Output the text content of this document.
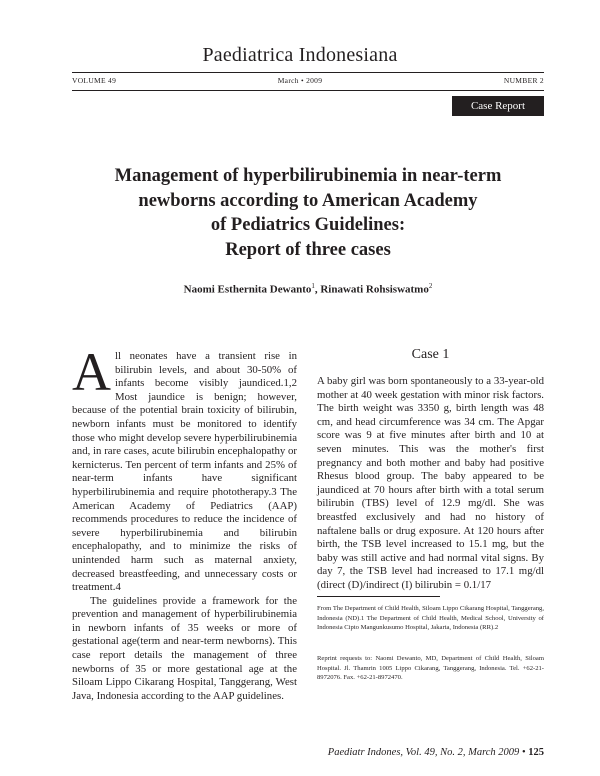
Paediatrica Indonesiana
VOLUME 49	March • 2009	NUMBER 2
Case Report
Management of hyperbilirubinemia in near-term
newborns according to American Academy
of Pediatrics Guidelines:
Report of three cases
Naomi Esthernita Dewanto$^1$, Rinawati Rohsiswatmo$^2$

All neonates have a transient rise in bilirubin levels, and about 30-50% of infants become visibly jaundiced.1,2 Most jaundice is benign; however, because of the potential brain toxicity of bilirubin, newborn infants must be monitored to identify those who might develop severe hyperbilirubinemia and, in rare cases, acute bilirubin encephalopathy or kernicterus. Ten percent of term infants and 25% of near-term infants have significant hyperbilirubinemia and require phototherapy.3 The American Academy of Pediatrics (AAP) recommends procedures to reduce the incidence of severe hyperbilirubinemia and bilirubin encephalopathy, and to minimize the risks of unintended harm such as maternal anxiety, decreased breastfeeding, and unnecessary costs or treatment.4

The guidelines provide a framework for the prevention and management of hyperbilirubinemia in newborn infants of 35 weeks or more of gestational age(term and near-term newborns). This case report details the management of three newborns of 35 or more gestational age at the Siloam Lippo Cikarang Hospital, Tanggerang, West Java, Indonesia according to the AAP guidelines.

Case 1

A baby girl was born spontaneously to a 33-year-old mother at 40 week gestation with minor risk factors. The birth weight was 3350 g, birth length was 48 cm, and head circumference was 34 cm. The Apgar score was 9 at five minutes after birth and 10 at seven minutes. This was the mother's first pregnancy and both mother and baby had positive Rhesus blood group. The baby appeared to be jaundiced at 70 hours after birth with a total serum bilirubin (TBS) level of 12.9 mg/dl. She was breastfed exclusively and had no history of naftalene balls or drug exposure. At 120 hours after birth, the TSB level increased to 15.1 mg, but the baby was still active and had normal vital signs. By day 7, the TSB level had increased to 17.1 mg/dl (direct (D)/indirect (I) bilirubin = 0.1/17

From The Department of Child Health, Siloam Lippo Cikarang Hospital, Tanggerang, Indonesia (ND).1 The Department of Child Health, Medical School, University of Indonesia Cipto Mangunkusumo Hospital, Jakarta, Indonesia (RR).2

Reprint requests to: Naomi Dewanto, MD, Department of Child Health, Siloam Hospital. Jl. Thamrin 1005 Lippo Cikarang, Tanggerang, Indonesia. Tel. +62-21-8972076. Fax. +62-21-8972470.

Paediatr Indones, Vol. 49, No. 2, March 2009 • 125
